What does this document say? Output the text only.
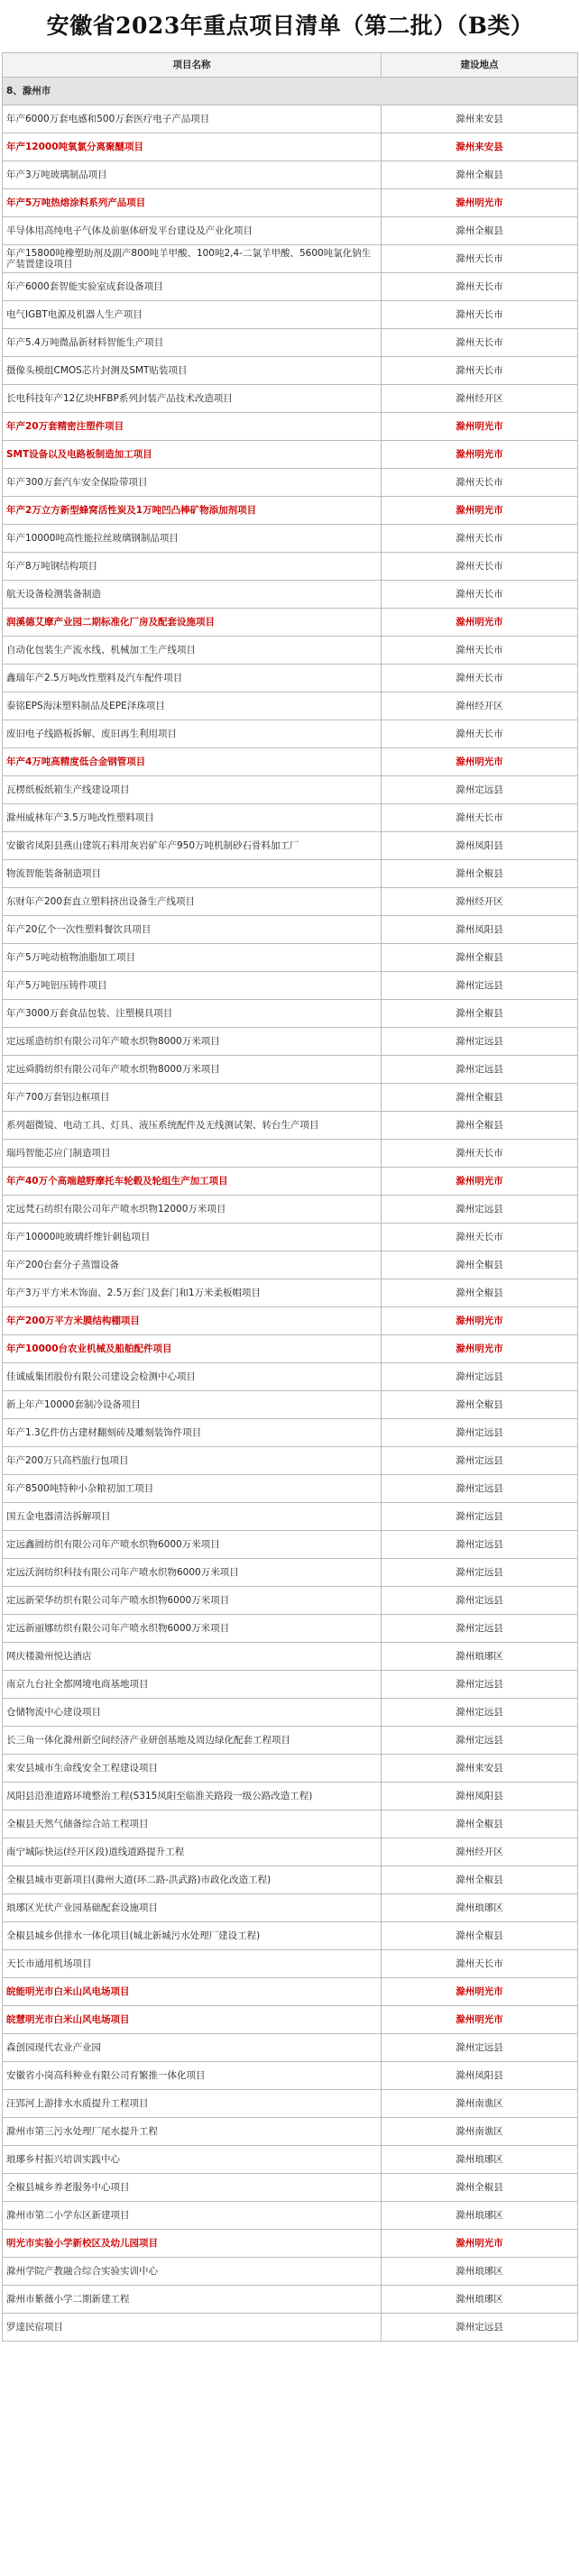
安徽省2023年重点项目清单（第二批）（B类）
项目名称	建设地点
8、滁州市	
年产6000万套电感和500万套医疗电子产品项目	滁州来安县
年产12000吨氧氯分离聚醚项目	滁州来安县
年产3万吨玻璃制品项目	滁州全椒县
年产5万吨热熔涂料系列产品项目	滁州明光市
半导体用高纯电子气体及前驱体研发平台建设及产业化项目	滁州全椒县
年产15800吨橡塑助剂及副产800吨羊甲酸、100吨2,4-二氯羊甲酸、5600吨氯化钠生产装置建设项目	滁州天长市
年产6000套智能实验室成套设备项目	滁州天长市
电气IGBT电源及机器人生产项目	滁州天长市
年产5.4万吨微晶新材料智能生产项目	滁州天长市
摄像头模组CMOS芯片封测及SMT贴装项目	滁州天长市
长电科技年产12亿块HFBP系列封装产品技术改造项目	滁州经开区
年产20万套精密注塑件项目	滁州明光市
SMT设备以及电路板制造加工项目	滁州明光市
年产300万套汽车安全保险带项目	滁州天长市
年产2万立方新型蜂窝活性炭及1万吨凹凸棒矿物添加剂项目	滁州明光市
年产10000吨高性能拉丝玻璃钢制品项目	滁州天长市
年产8万吨钢结构项目	滁州天长市
航天设备检测装备制造	滁州天长市
润溪德艾摩产业园二期标准化厂房及配套设施项目	滁州明光市
自动化包装生产流水线、机械加工生产线项目	滁州天长市
鑫瑞年产2.5万吨改性塑料及汽车配件项目	滁州天长市
泰铭EPS海沫塑料制品及EPE泽珠项目	滁州经开区
废旧电子线路板拆解、废旧再生利用项目	滁州天长市
年产4万吨高精度低合金钢管项目	滁州明光市
瓦楞纸板纸箱生产线建设项目	滁州定远县
滁州威林年产3.5万吨改性塑料项目	滁州天长市
安徽省凤阳县燕山建筑石料用灰岩矿年产950万吨机制砂石骨料加工厂	滁州凤阳县
物流智能装备制造项目	滁州全椒县
东财年产200套直立塑料挤出设备生产线项目	滁州经开区
年产20亿个一次性塑料餐饮具项目	滁州凤阳县
年产5万吨动植物油脂加工项目	滁州全椒县
年产5万吨铝压铸件项目	滁州定远县
年产3000万套食品包装、注塑模具项目	滁州全椒县
定远瑶造纺织有限公司年产喷水织物8000万米项目	滁州定远县
定远舜腾纺织有限公司年产喷水织物8000万米项目	滁州定远县
年产700万套铝边框项目	滁州全椒县
系列超微镜、电动工具、灯具、液压系统配件及无线测试架、转台生产项目	滁州全椒县
瑞玛智能芯应门制造项目	滁州天长市
年产40万个高端越野摩托车轮毂及轮组生产加工项目	滁州明光市
定远梵石纺织有限公司年产喷水织物12000万米项目	滁州定远县
年产10000吨玻璃纤维针刺毡项目	滁州天长市
年产200台套分子蒸馏设备	滁州全椒县
年产3万平方米木饰面、2.5万套门及套门和1万米柔板帽项目	滁州全椒县
年产200万平方米膜结构棚项目	滁州明光市
年产10000台农业机械及船舶配件项目	滁州明光市
佳诚威集团股份有限公司建设会检测中心项目	滁州定远县
新上年产10000套制冷设备项目	滁州全椒县
年产1.3亿件仿古建材翻刻砖及雕刻装饰件项目	滁州定远县
年产200万只高档旅行包项目	滁州定远县
年产8500吨特种小杂粮初加工项目	滁州定远县
国五金电器清洁拆解项目	滁州定远县
定远鑫圆纺织有限公司年产喷水织物6000万米项目	滁州定远县
定远沃润纺织科技有限公司年产喷水织物6000万米项目	滁州定远县
定远新荣华纺织有限公司年产喷水织物6000万米项目	滁州定远县
定远新丽娜纺织有限公司年产喷水织物6000万米项目	滁州定远县
网庆楼滁州悦达酒店	滁州琅琊区
南京九台社全都网境电商基地项目	滁州定远县
仓储物流中心建设项目	滁州定远县
长三角一体化滁州新空间经济产业研创基地及周边绿化配套工程项目	滁州定远县
来安县城市生命线安全工程建设项目	滁州来安县
凤阳县沿淮道路环境整治工程(S315凤阳至临淮关路段一级公路改造工程)	滁州凤阳县
全椒县天然气储备综合站工程项目	滁州全椒县
南宁城际快运(经开区段)道线道路提升工程	滁州经开区
全椒县城市更新项目(滁州大道(环二路-洪武路)市政化改造工程)	滁州全椒县
琅琊区光伏产业园基础配套设施项目	滁州琅琊区
全椒县城乡供排水一体化项目(城北新城污水处理厂建设工程)	滁州全椒县
天长市通用机场项目	滁州天长市
皖能明光市白米山风电场项目	滁州明光市
皖慧明光市白米山风电场项目	滁州明光市
森创园现代农业产业园	滁州定远县
安徽省小岗高科种业有限公司育繁推一体化项目	滁州凤阳县
汪郢河上游排水水质提升工程项目	滁州南谯区
滁州市第三污水处理厂尾水提升工程	滁州南谯区
琅琊乡村振兴培训实践中心	滁州琅琊区
全椒县城乡养老服务中心项目	滁州全椒县
滁州市第二小学东区新建项目	滁州琅琊区
明光市实验小学新校区及幼儿园项目	滁州明光市
滁州学院产教融合综合实验实训中心	滁州琅琊区
滁州市紫薇小学二期新建工程	滁州琅琊区
罗達民宿项目	滁州定远县
